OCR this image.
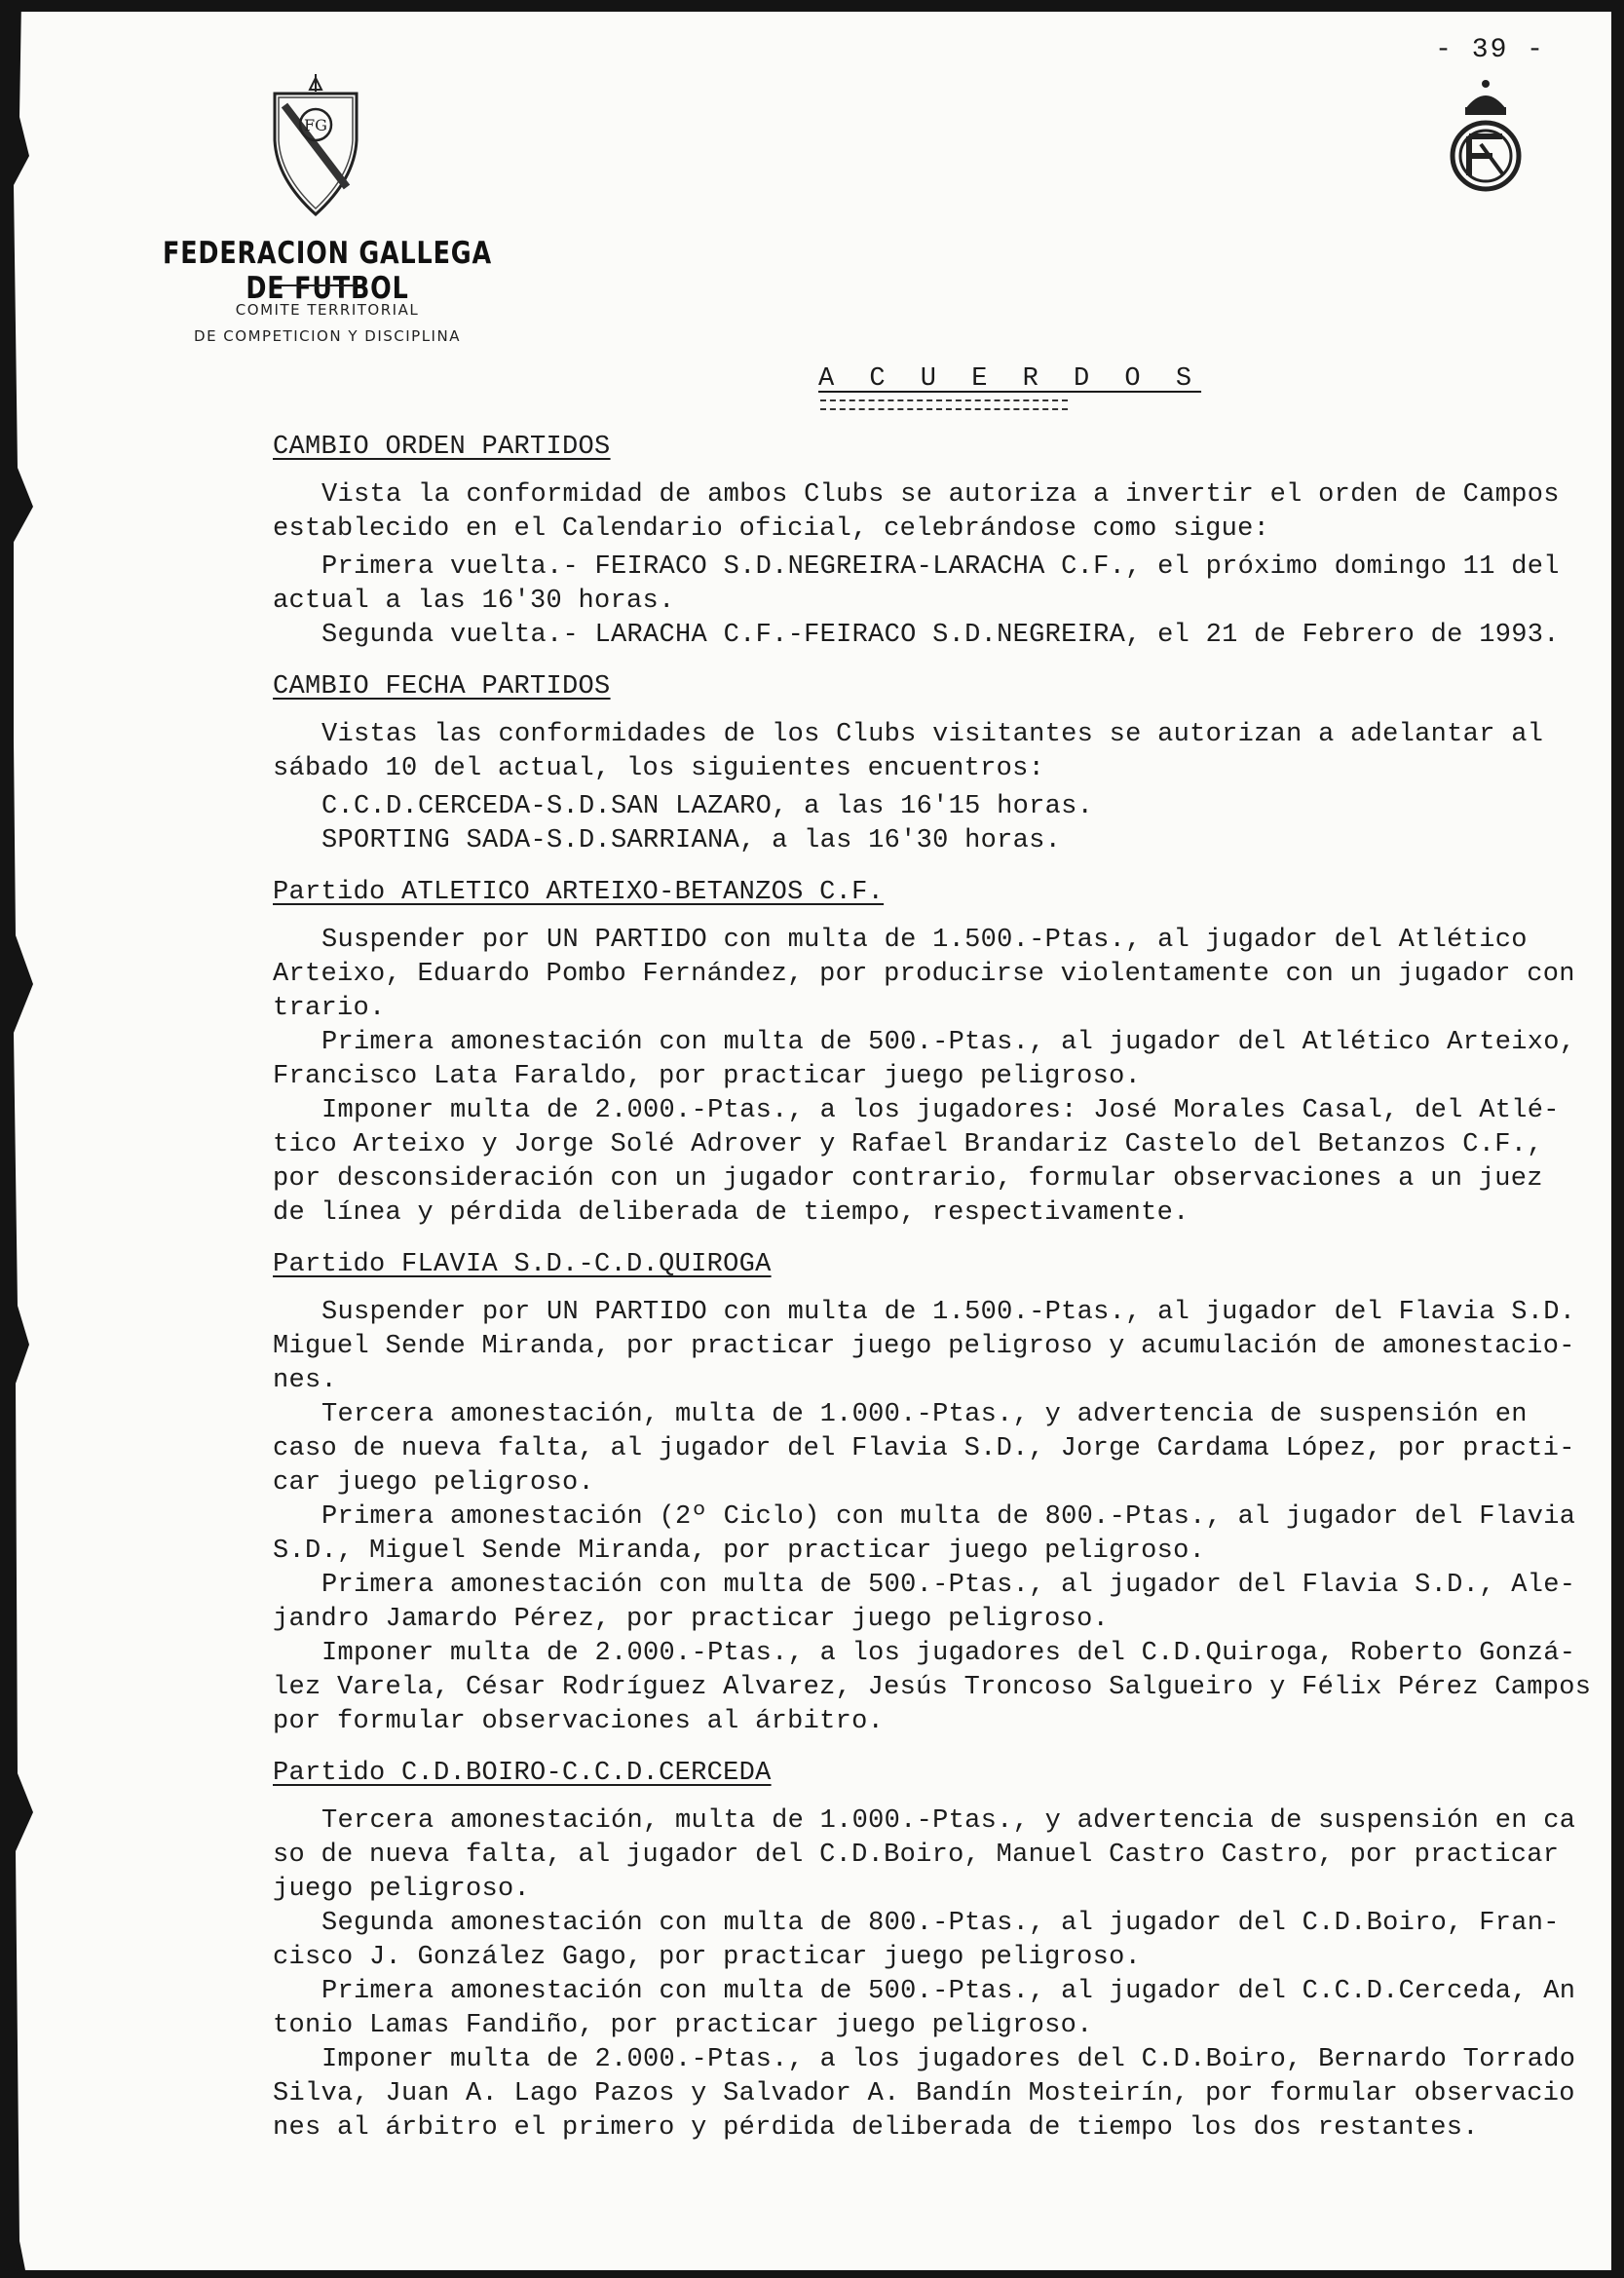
- 39 -
FG
FEDERACION GALLEGA DE FUTBOL
COMITE TERRITORIAL
DE COMPETICION Y DISCIPLINA
A C U E R D O S
CAMBIO ORDEN PARTIDOS
Vista la conformidad de ambos Clubs se autoriza a invertir el orden de Campos
establecido en el Calendario oficial, celebrándose como sigue:
Primera vuelta.- FEIRACO S.D.NEGREIRA-LARACHA C.F., el próximo domingo 11 del
actual a las 16'30 horas.
Segunda vuelta.- LARACHA C.F.-FEIRACO S.D.NEGREIRA, el 21 de Febrero de 1993.
CAMBIO FECHA PARTIDOS
Vistas las conformidades de los Clubs visitantes se autorizan a adelantar al
sábado 10 del actual, los siguientes encuentros:
C.C.D.CERCEDA-S.D.SAN LAZARO, a las 16'15 horas.
SPORTING SADA-S.D.SARRIANA, a las 16'30 horas.
Partido ATLETICO ARTEIXO-BETANZOS C.F.
Suspender por UN PARTIDO con multa de 1.500.-Ptas., al jugador del Atlético
Arteixo, Eduardo Pombo Fernández, por producirse violentamente con un jugador con
trario.
Primera amonestación con multa de 500.-Ptas., al jugador del Atlético Arteixo,
Francisco Lata Faraldo, por practicar juego peligroso.
Imponer multa de 2.000.-Ptas., a los jugadores: José Morales Casal, del Atlé-
tico Arteixo y Jorge Solé Adrover y Rafael Brandariz Castelo del Betanzos C.F.,
por desconsideración con un jugador contrario, formular observaciones a un juez
de línea y pérdida deliberada de tiempo, respectivamente.
Partido FLAVIA S.D.-C.D.QUIROGA
Suspender por UN PARTIDO con multa de 1.500.-Ptas., al jugador del Flavia S.D.
Miguel Sende Miranda, por practicar juego peligroso y acumulación de amonestacio-
nes.
Tercera amonestación, multa de 1.000.-Ptas., y advertencia de suspensión en
caso de nueva falta, al jugador del Flavia S.D., Jorge Cardama López, por practi-
car juego peligroso.
Primera amonestación (2º Ciclo) con multa de 800.-Ptas., al jugador del Flavia
S.D., Miguel Sende Miranda, por practicar juego peligroso.
Primera amonestación con multa de 500.-Ptas., al jugador del Flavia S.D., Ale-
jandro Jamardo Pérez, por practicar juego peligroso.
Imponer multa de 2.000.-Ptas., a los jugadores del C.D.Quiroga, Roberto Gonzá-
lez Varela, César Rodríguez Alvarez, Jesús Troncoso Salgueiro y Félix Pérez Campos
por formular observaciones al árbitro.
Partido C.D.BOIRO-C.C.D.CERCEDA
Tercera amonestación, multa de 1.000.-Ptas., y advertencia de suspensión en ca
so de nueva falta, al jugador del C.D.Boiro, Manuel Castro Castro, por practicar
juego peligroso.
Segunda amonestación con multa de 800.-Ptas., al jugador del C.D.Boiro, Fran-
cisco J. González Gago, por practicar juego peligroso.
Primera amonestación con multa de 500.-Ptas., al jugador del C.C.D.Cerceda, An
tonio Lamas Fandiño, por practicar juego peligroso.
Imponer multa de 2.000.-Ptas., a los jugadores del C.D.Boiro, Bernardo Torrado
Silva, Juan A. Lago Pazos y Salvador A. Bandín Mosteirín, por formular observacio
nes al árbitro el primero y pérdida deliberada de tiempo los dos restantes.
